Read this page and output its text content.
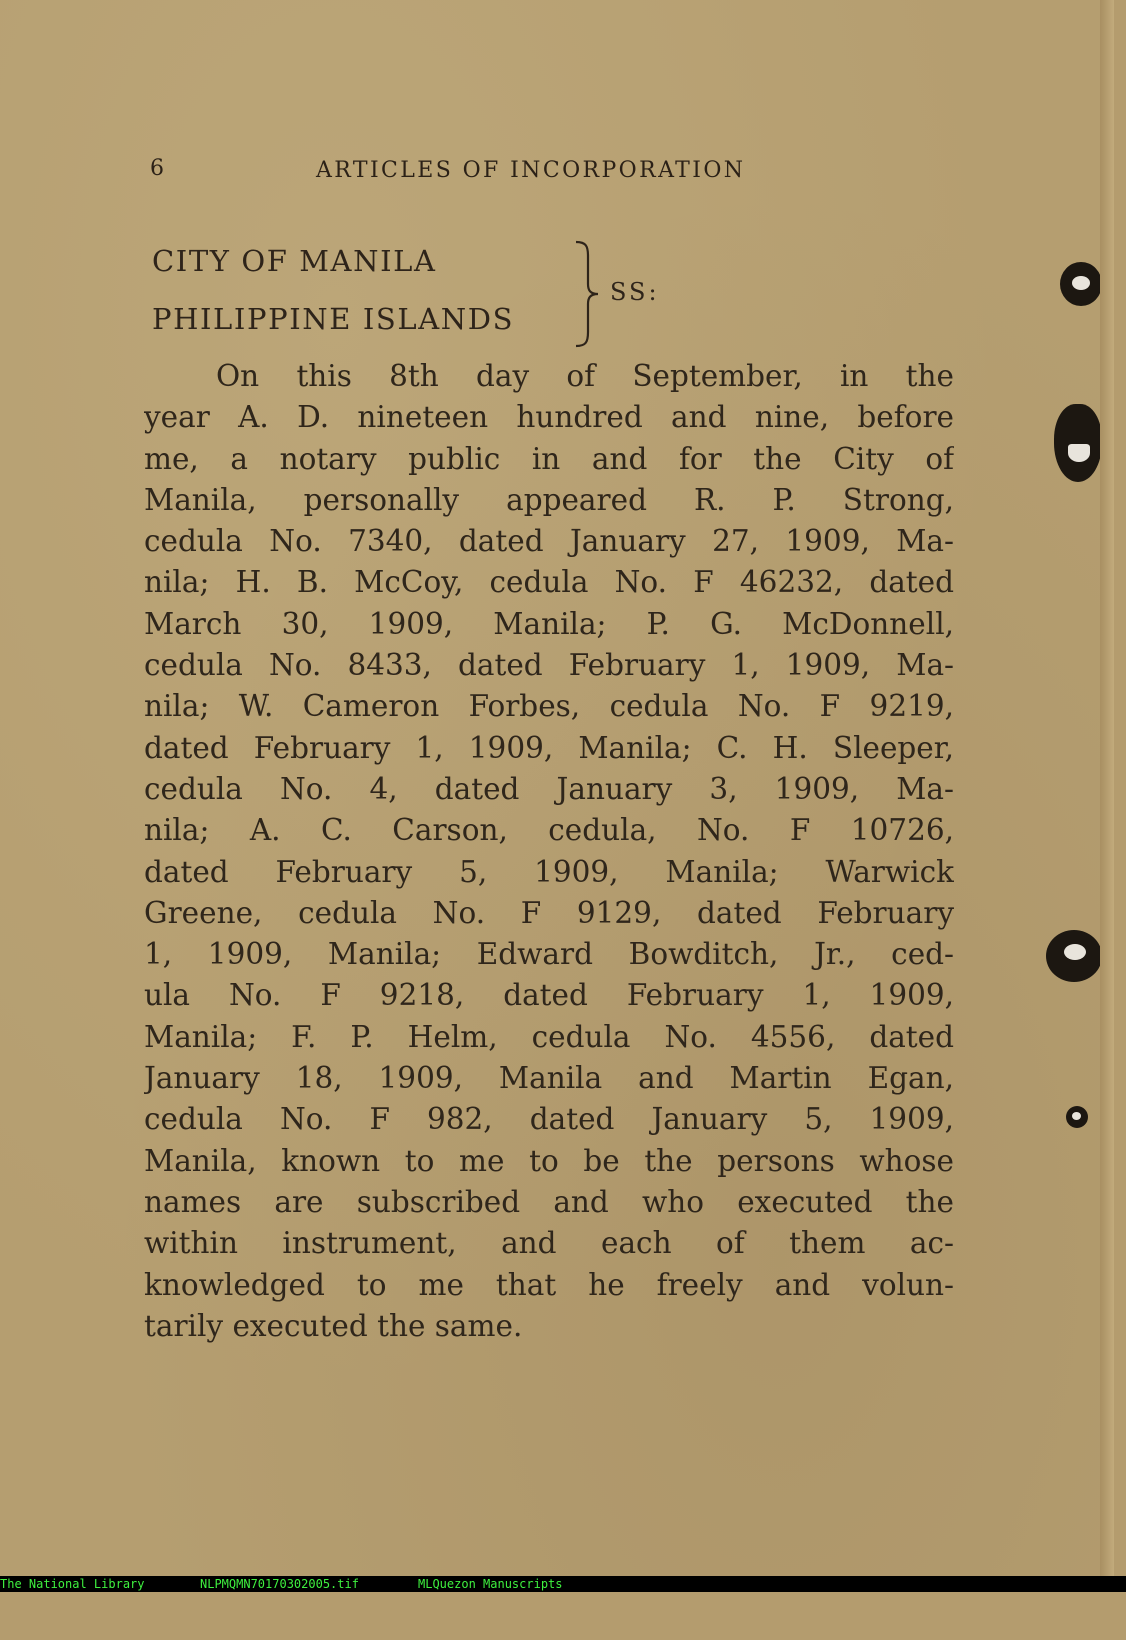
6	ARTICLES OF INCORPORATION
CITY OF MANILA
PHILIPPINE ISLANDS
SS:
On this 8th day of September, in the
year A. D. nineteen hundred and nine, before
me, a notary public in and for the City of
Manila, personally appeared R. P. Strong,
cedula No. 7340, dated January 27, 1909, Ma-
nila; H. B. McCoy, cedula No. F 46232, dated
March 30, 1909, Manila; P. G. McDonnell,
cedula No. 8433, dated February 1, 1909, Ma-
nila; W. Cameron Forbes, cedula No. F 9219,
dated February 1, 1909, Manila; C. H. Sleeper,
cedula No. 4, dated January 3, 1909, Ma-
nila; A. C. Carson, cedula, No. F 10726,
dated February 5, 1909, Manila; Warwick
Greene, cedula No. F 9129, dated February
1, 1909, Manila; Edward Bowditch, Jr., ced-
ula No. F 9218, dated February 1, 1909,
Manila; F. P. Helm, cedula No. 4556, dated
January 18, 1909, Manila and Martin Egan,
cedula No. F 982, dated January 5, 1909,
Manila, known to me to be the persons whose
names are subscribed and who executed the
within instrument, and each of them ac-
knowledged to me that he freely and volun-
tarily executed the same.

The National Library

	NLPMQMN70170302005.tif

	MLQuezon Manuscripts
